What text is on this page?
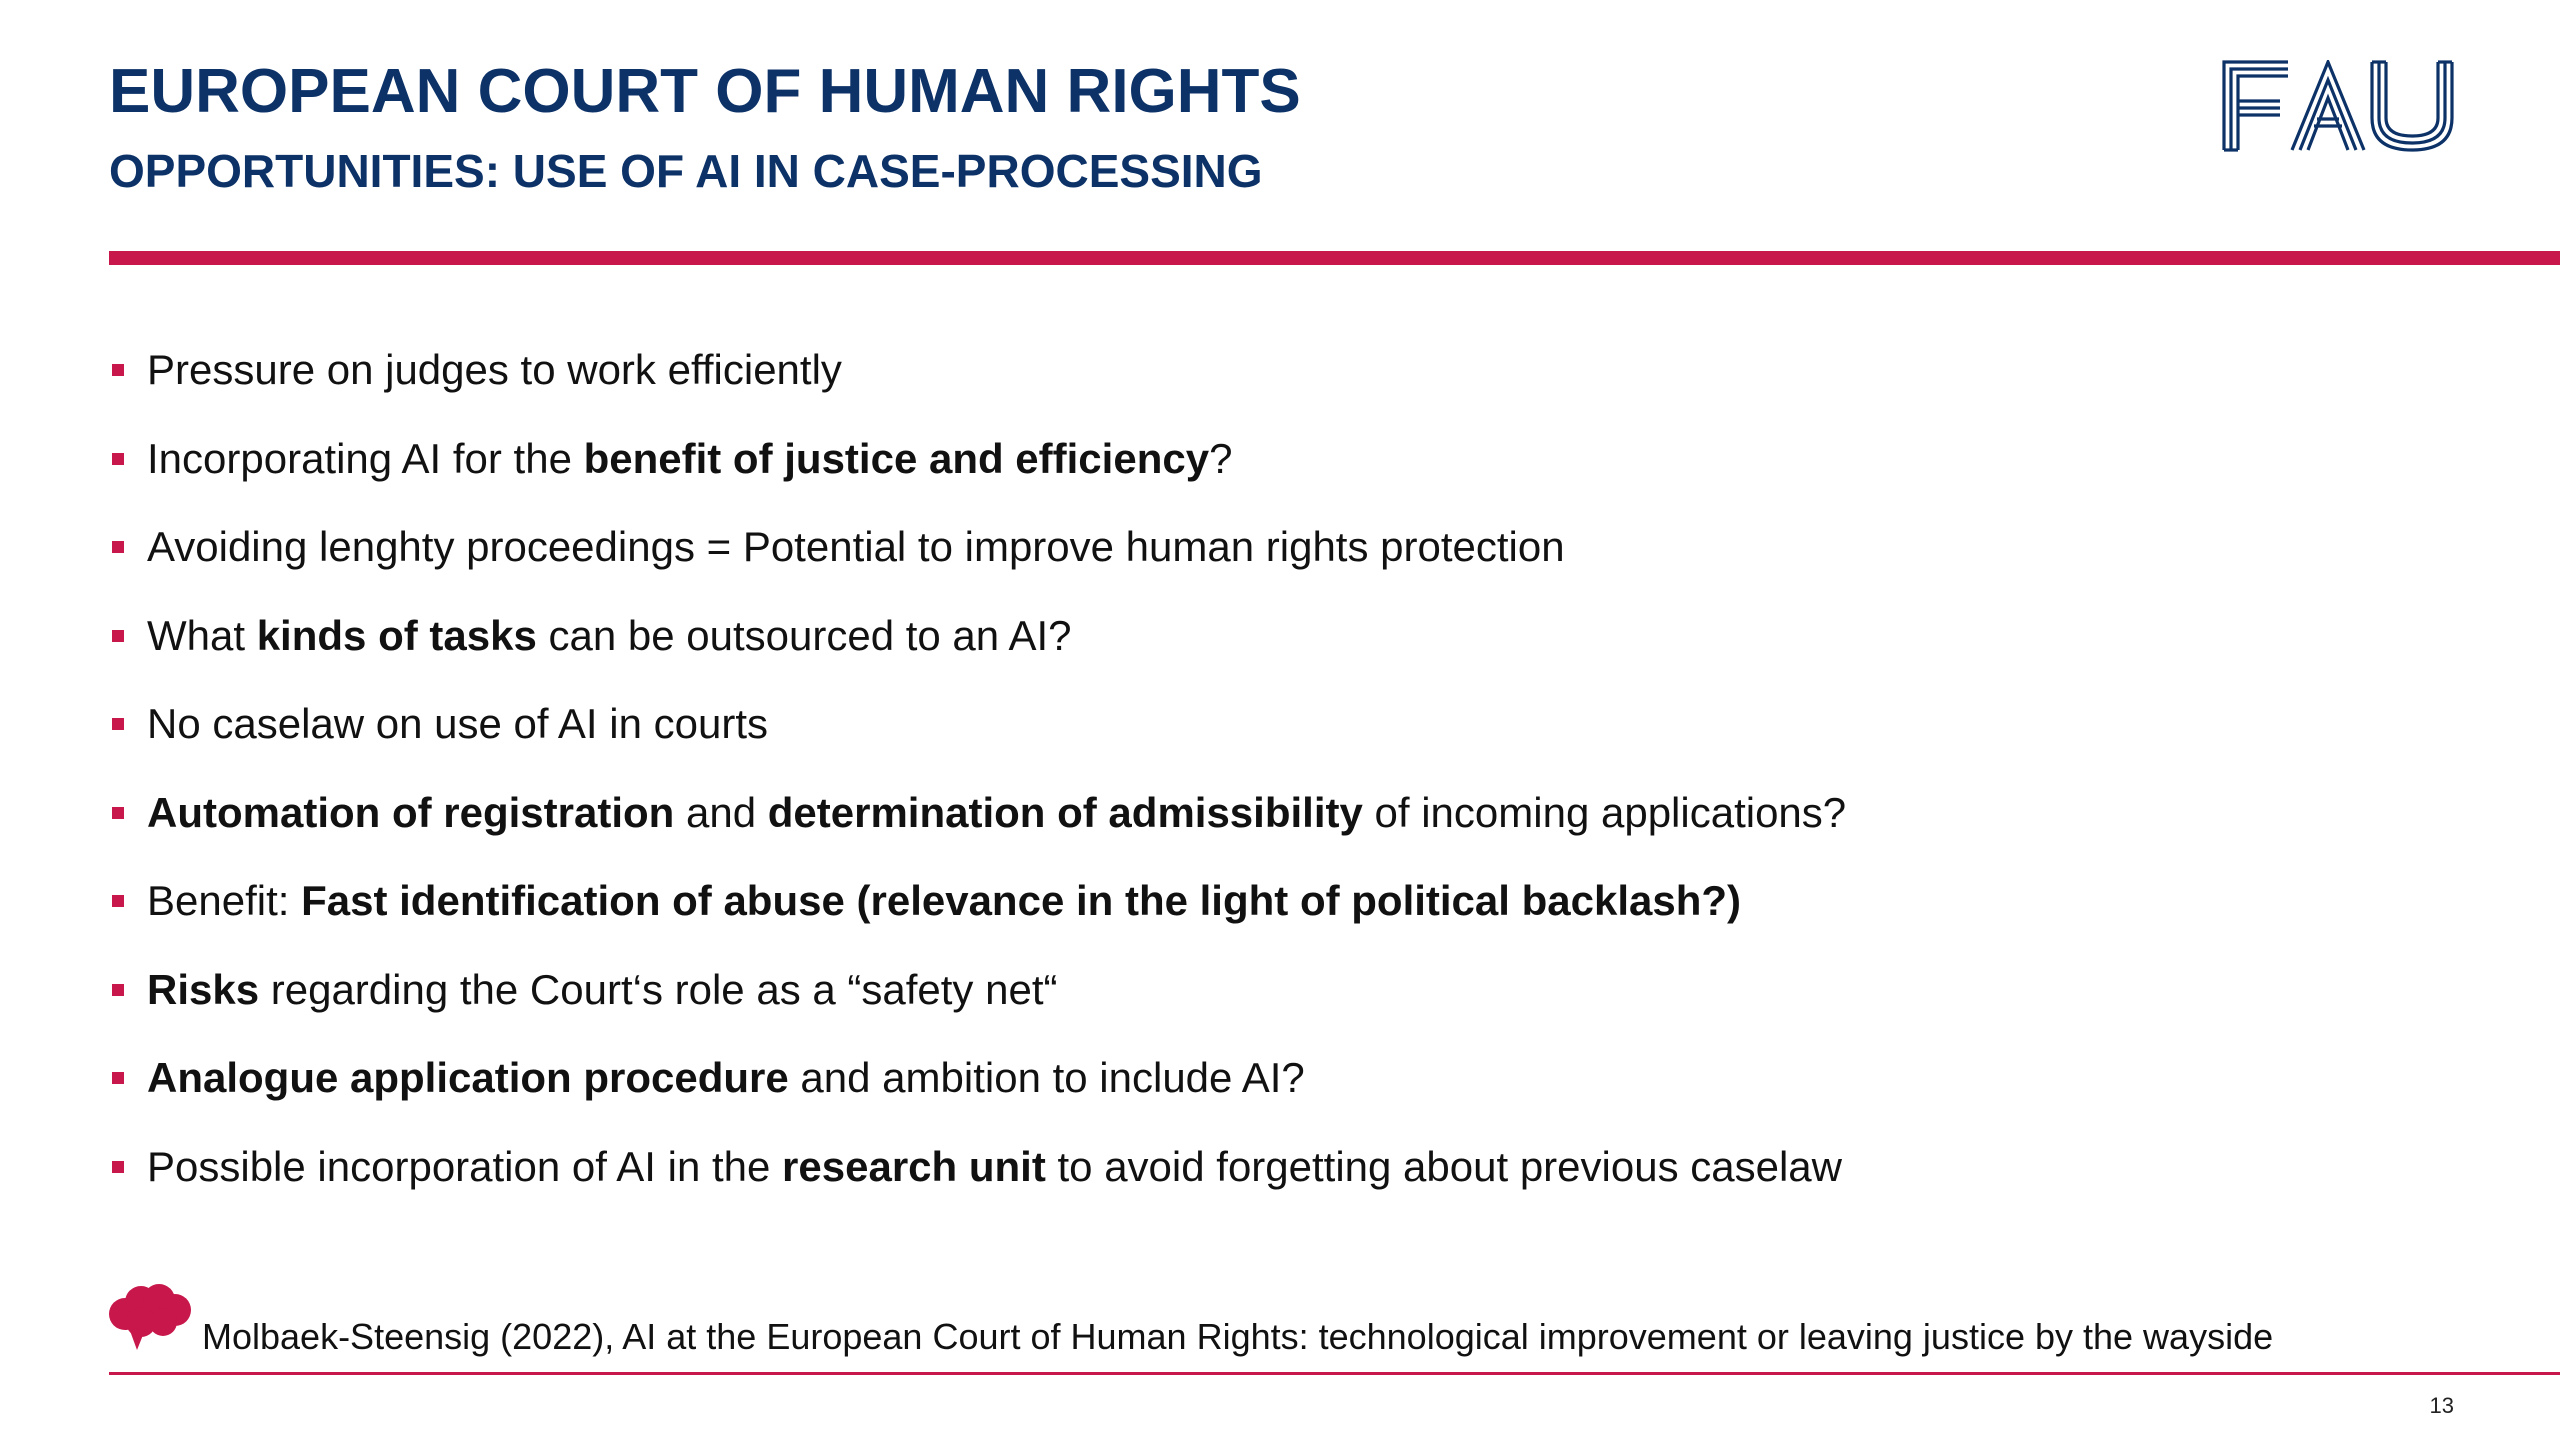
EUROPEAN COURT OF HUMAN RIGHTS
OPPORTUNITIES: USE OF AI IN CASE-PROCESSING
Pressure on judges to work efficiently
Incorporating AI for the benefit of justice and efficiency?
Avoiding lenghty proceedings = Potential to improve human rights protection
What kinds of tasks can be outsourced to an AI?
No caselaw on use of AI in courts
Automation of registration and determination of admissibility of incoming applications?
Benefit: Fast identification of abuse (relevance in the light of political backlash?)
Risks regarding the Court‘s role as a “safety net“
Analogue application procedure and ambition to include AI?
Possible incorporation of AI in the research unit to avoid forgetting about previous caselaw
Molbaek-Steensig (2022), AI at the European Court of Human Rights: technological improvement or leaving justice by the wayside
13
